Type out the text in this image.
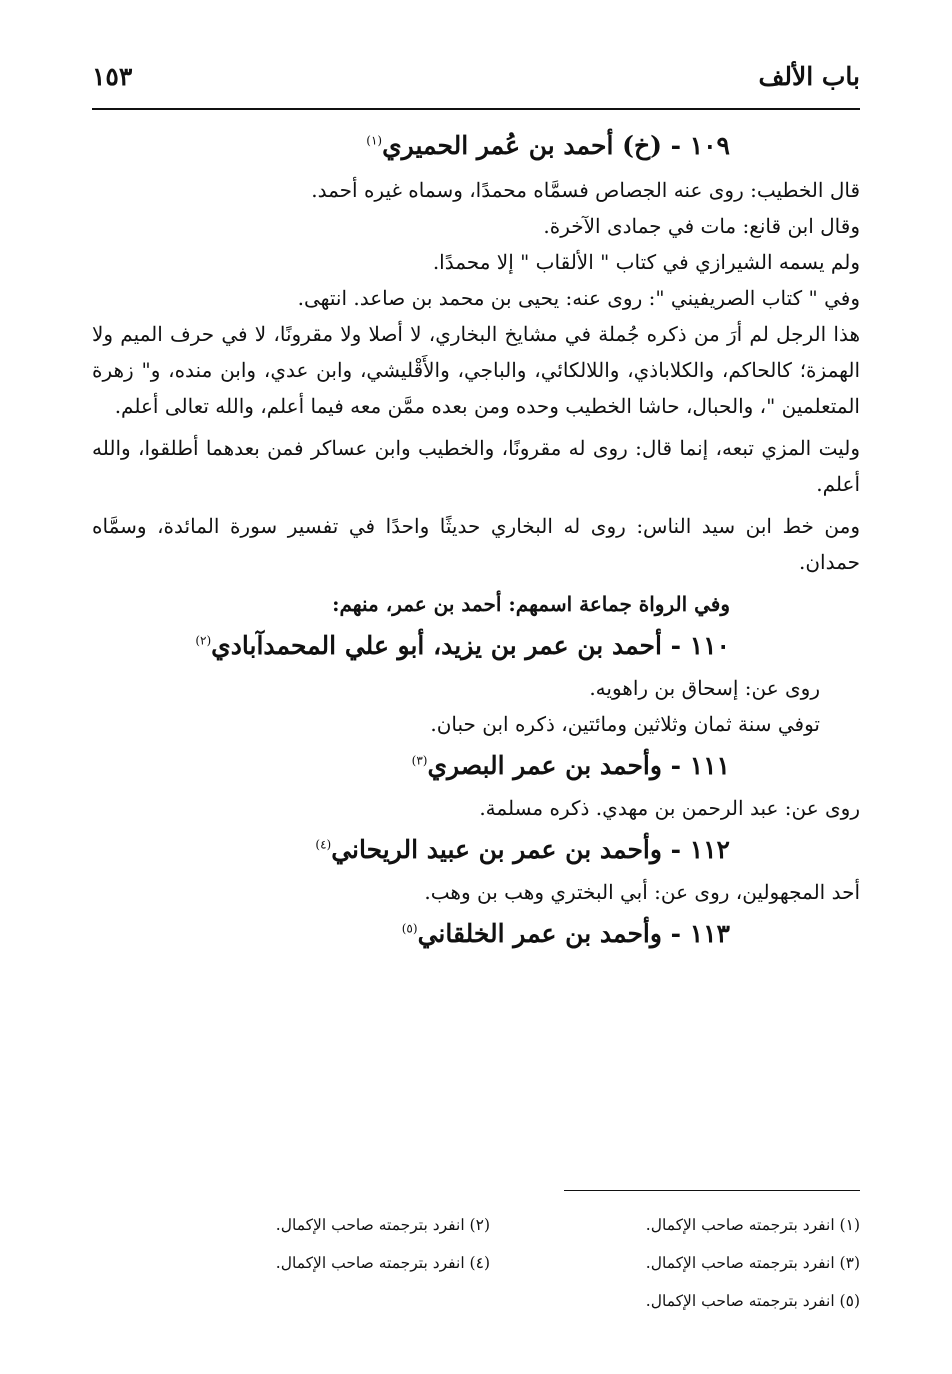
باب الألف
١٥٣
١٠٩ - (خ) أحمد بن عُمر الحميري$^{(١)}$

قال الخطيب: روى عنه الجصاص فسمَّاه محمدًا، وسماه غيره أحمد.

وقال ابن قانع: مات في جمادى الآخرة.

ولم يسمه الشيرازي في كتاب " الألقاب " إلا محمدًا.

وفي " كتاب الصريفيني ": روى عنه: يحيى بن محمد بن صاعد. انتهى.

هذا الرجل لم أرَ من ذكره جُملة في مشايخ البخاري، لا أصلا ولا مقرونًا، لا في حرف الميم ولا الهمزة؛ كالحاكم، والكلاباذي، واللالكائي، والباجي، والأَقْليشي، وابن عدي، وابن منده، و" زهرة المتعلمين "، والحبال، حاشا الخطيب وحده ومن بعده ممَّن معه فيما أعلم، والله تعالى أعلم.

وليت المزي تبعه، إنما قال: روى له مقرونًا، والخطيب وابن عساكر فمن بعدهما أطلقوا، والله أعلم.

ومن خط ابن سيد الناس: روى له البخاري حديثًا واحدًا في تفسير سورة المائدة، وسمَّاه حمدان.

وفي الرواة جماعة اسمهم: أحمد بن عمر، منهم:

١١٠ - أحمد بن عمر بن يزيد، أبو علي المحمدآبادي$^{(٢)}$

روى عن: إسحاق بن راهويه.

توفي سنة ثمان وثلاثين ومائتين، ذكره ابن حبان.

١١١ - وأحمد بن عمر البصري$^{(٣)}$

روى عن: عبد الرحمن بن مهدي. ذكره مسلمة.

١١٢ - وأحمد بن عمر بن عبيد الريحاني$^{(٤)}$

أحد المجهولين، روى عن: أبي البختري وهب بن وهب.

١١٣ - وأحمد بن عمر الخلقاني$^{(٥)}$
(١) انفرد بترجمته صاحب الإكمال.
(٢) انفرد بترجمته صاحب الإكمال.
(٣) انفرد بترجمته صاحب الإكمال.
(٤) انفرد بترجمته صاحب الإكمال.
(٥) انفرد بترجمته صاحب الإكمال.
